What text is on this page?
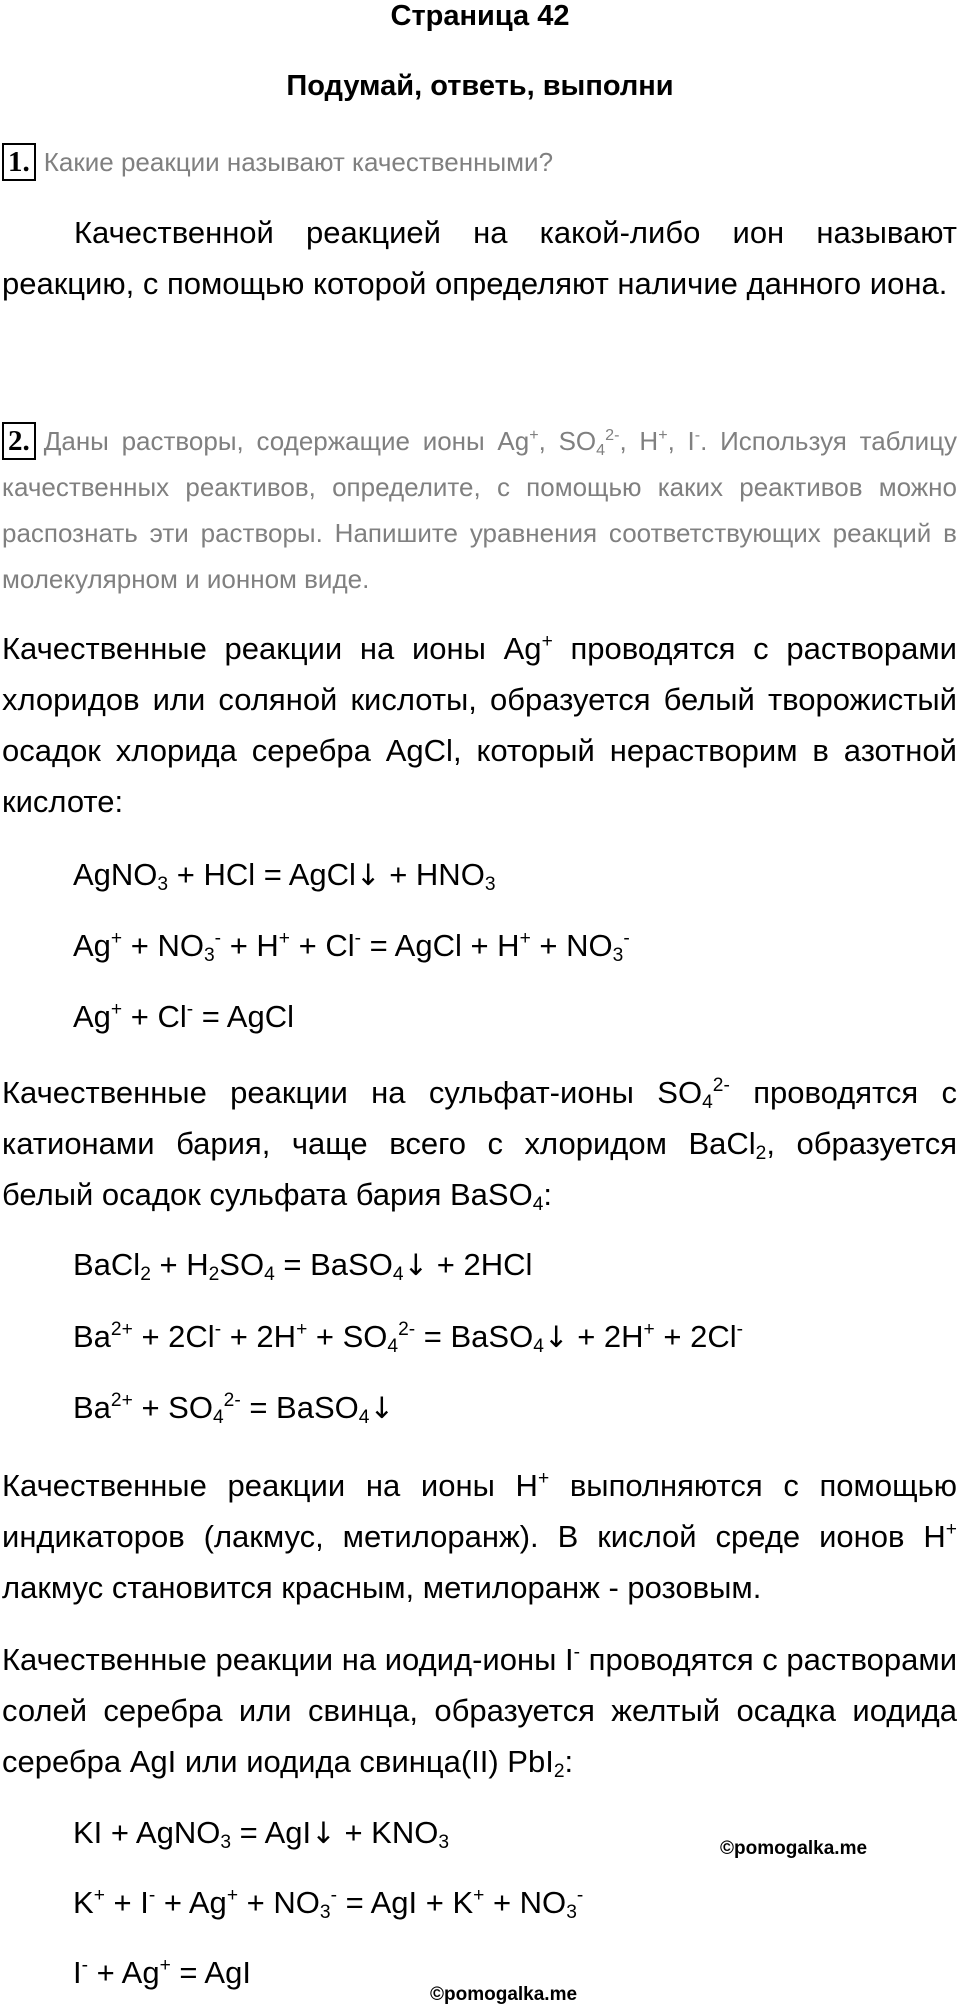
Страница 42
Подумай, ответь, выполни
1. Какие реакции называют качественными?

Качественной реакцией на какой-либо ион называют реакцию, с помощью которой определяют наличие данного иона.

2. Даны растворы, содержащие ионы Ag+, $SO_4^{2-}$, H+, I-. Используя таблицу качественных реактивов, определите, с помощью каких реактивов можно распознать эти растворы. Напишите уравнения соответствующих реакций в молекулярном и ионном виде.

Качественные реакции на ионы Ag+ проводятся с растворами хлоридов или соляной кислоты, образуется белый творожистый осадок хлорида серебра AgCl, который нерастворим в азотной кислоте:

AgNO$_3$ + HCl = AgCl↓ + $HNO_3$
$Ag^+ + NO_3^- + H^+ + Cl^-$ = AgCl + $H^+ + NO_3^-$
Ag+ + Cl- = AgCl

Качественные реакции на сульфат-ионы $SO_4^{2-}$ проводятся с катионами бария, чаще всего с хлоридом BaCl$_2$, образуется белый осадок сульфата бария BaSO$_4$:

BaCl$_2$ + $H_2SO_4$ = BaSO$_4$↓ + 2HCl
$Ba^{2+} + 2Cl^- + 2H^+ + SO_4^{2-}$ = BaSO$_4$↓ + 2H+ + 2Cl-
$Ba^{2+} + SO_4^{2-}$ = BaSO$_4$↓

Качественные реакции на ионы H+ выполняются с помощью индикаторов (лакмус, метилоранж). В кислой среде ионов H+ лакмус становится красным, метилоранж - розовым.

Качественные реакции на иодид-ионы I- проводятся с растворами солей серебра или свинца, образуется желтый осадка иодида серебра AgI или иодида свинца(II) PbI$_2$:

KI + AgNO$_3$ = AgI↓ + $KNO_3$
$K^+ + I^- + Ag^+ + NO_3^-$ = AgI + $K^+ + NO_3^-$
I- + Ag+ = AgI
©pomogalka.me
©pomogalka.me
